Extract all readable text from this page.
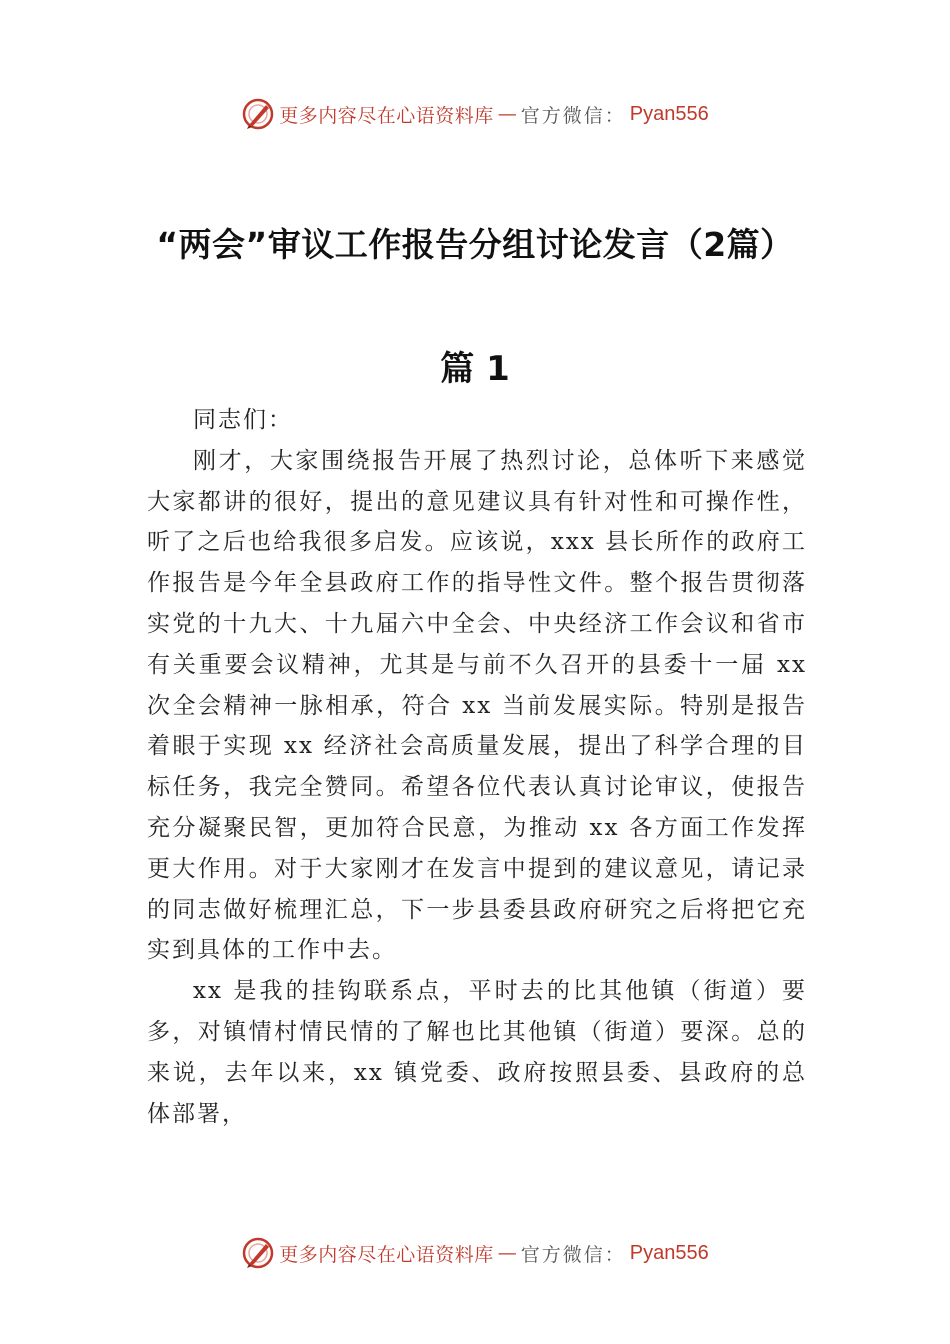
更多内容尽在心语资料库 — 官方微信： Pyan556
“两会”审议工作报告分组讨论发言（2篇）
篇 1

同志们：

刚才，大家围绕报告开展了热烈讨论，总体听下来感觉大家都讲的很好，提出的意见建议具有针对性和可操作性，听了之后也给我很多启发。应该说，xxx 县长所作的政府工作报告是今年全县政府工作的指导性文件。整个报告贯彻落实党的十九大、十九届六中全会、中央经济工作会议和省市有关重要会议精神，尤其是与前不久召开的县委十一届 xx 次全会精神一脉相承，符合 xx 当前发展实际。特别是报告着眼于实现 xx 经济社会高质量发展，提出了科学合理的目标任务，我完全赞同。希望各位代表认真讨论审议，使报告充分凝聚民智，更加符合民意，为推动 xx 各方面工作发挥更大作用。对于大家刚才在发言中提到的建议意见，请记录的同志做好梳理汇总，下一步县委县政府研究之后将把它充实到具体的工作中去。

xx 是我的挂钩联系点，平时去的比其他镇（街道）要多，对镇情村情民情的了解也比其他镇（街道）要深。总的来说，去年以来，xx 镇党委、政府按照县委、县政府的总体部署，

更多内容尽在心语资料库 — 官方微信： Pyan556
